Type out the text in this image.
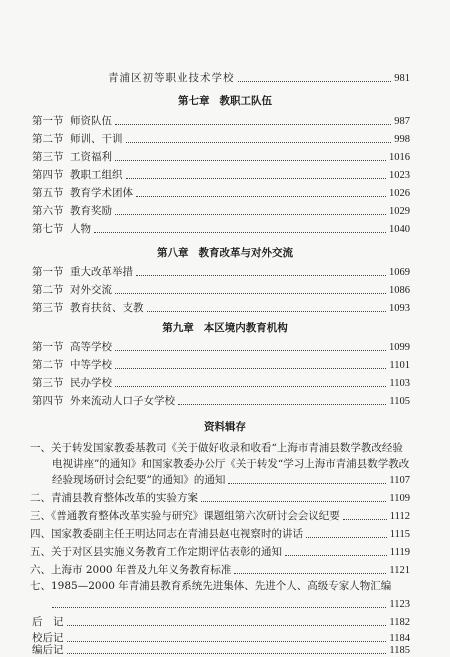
青浦区初等职业技术学校	981
第七章 教职工队伍
第一节 师资队伍	987
第二节 师训、干训	998
第三节 工资福利	1016
第四节 教职工组织	1023
第五节 教育学术团体	1026
第六节 教育奖励	1029
第七节 人物	1040
第八章 教育改革与对外交流
第一节 重大改革举措	1069
第二节 对外交流	1086
第三节 教育扶贫、支教	1093
第九章 本区境内教育机构
第一节 高等学校	1099
第二节 中等学校	1101
第三节 民办学校	1103
第四节 外来流动人口子女学校	1105
资料辑存
一、关于转发国家教委基教司《关于做好收录和收看“上海市青浦县数学教改经验
电视讲座”的通知》和国家教委办公厅《关于转发“学习上海市青浦县数学教改
经验现场研讨会纪要”的通知》的通知	1107
二、青浦县教育整体改革的实验方案	1109
三、《普通教育整体改革实验与研究》课题组第六次研讨会会议纪要	1112
四、国家教委副主任王明达同志在青浦县赵屯视察时的讲话	1115
五、关于对区县实施义务教育工作定期评估表彰的通知	1119
六、上海市 2000 年普及九年义务教育标准	1121
七、1985—2000 年青浦县教育系统先进集体、先进个人、高级专家人物汇编
1123
后　记	1182
校后记	1184
编后记	1185
